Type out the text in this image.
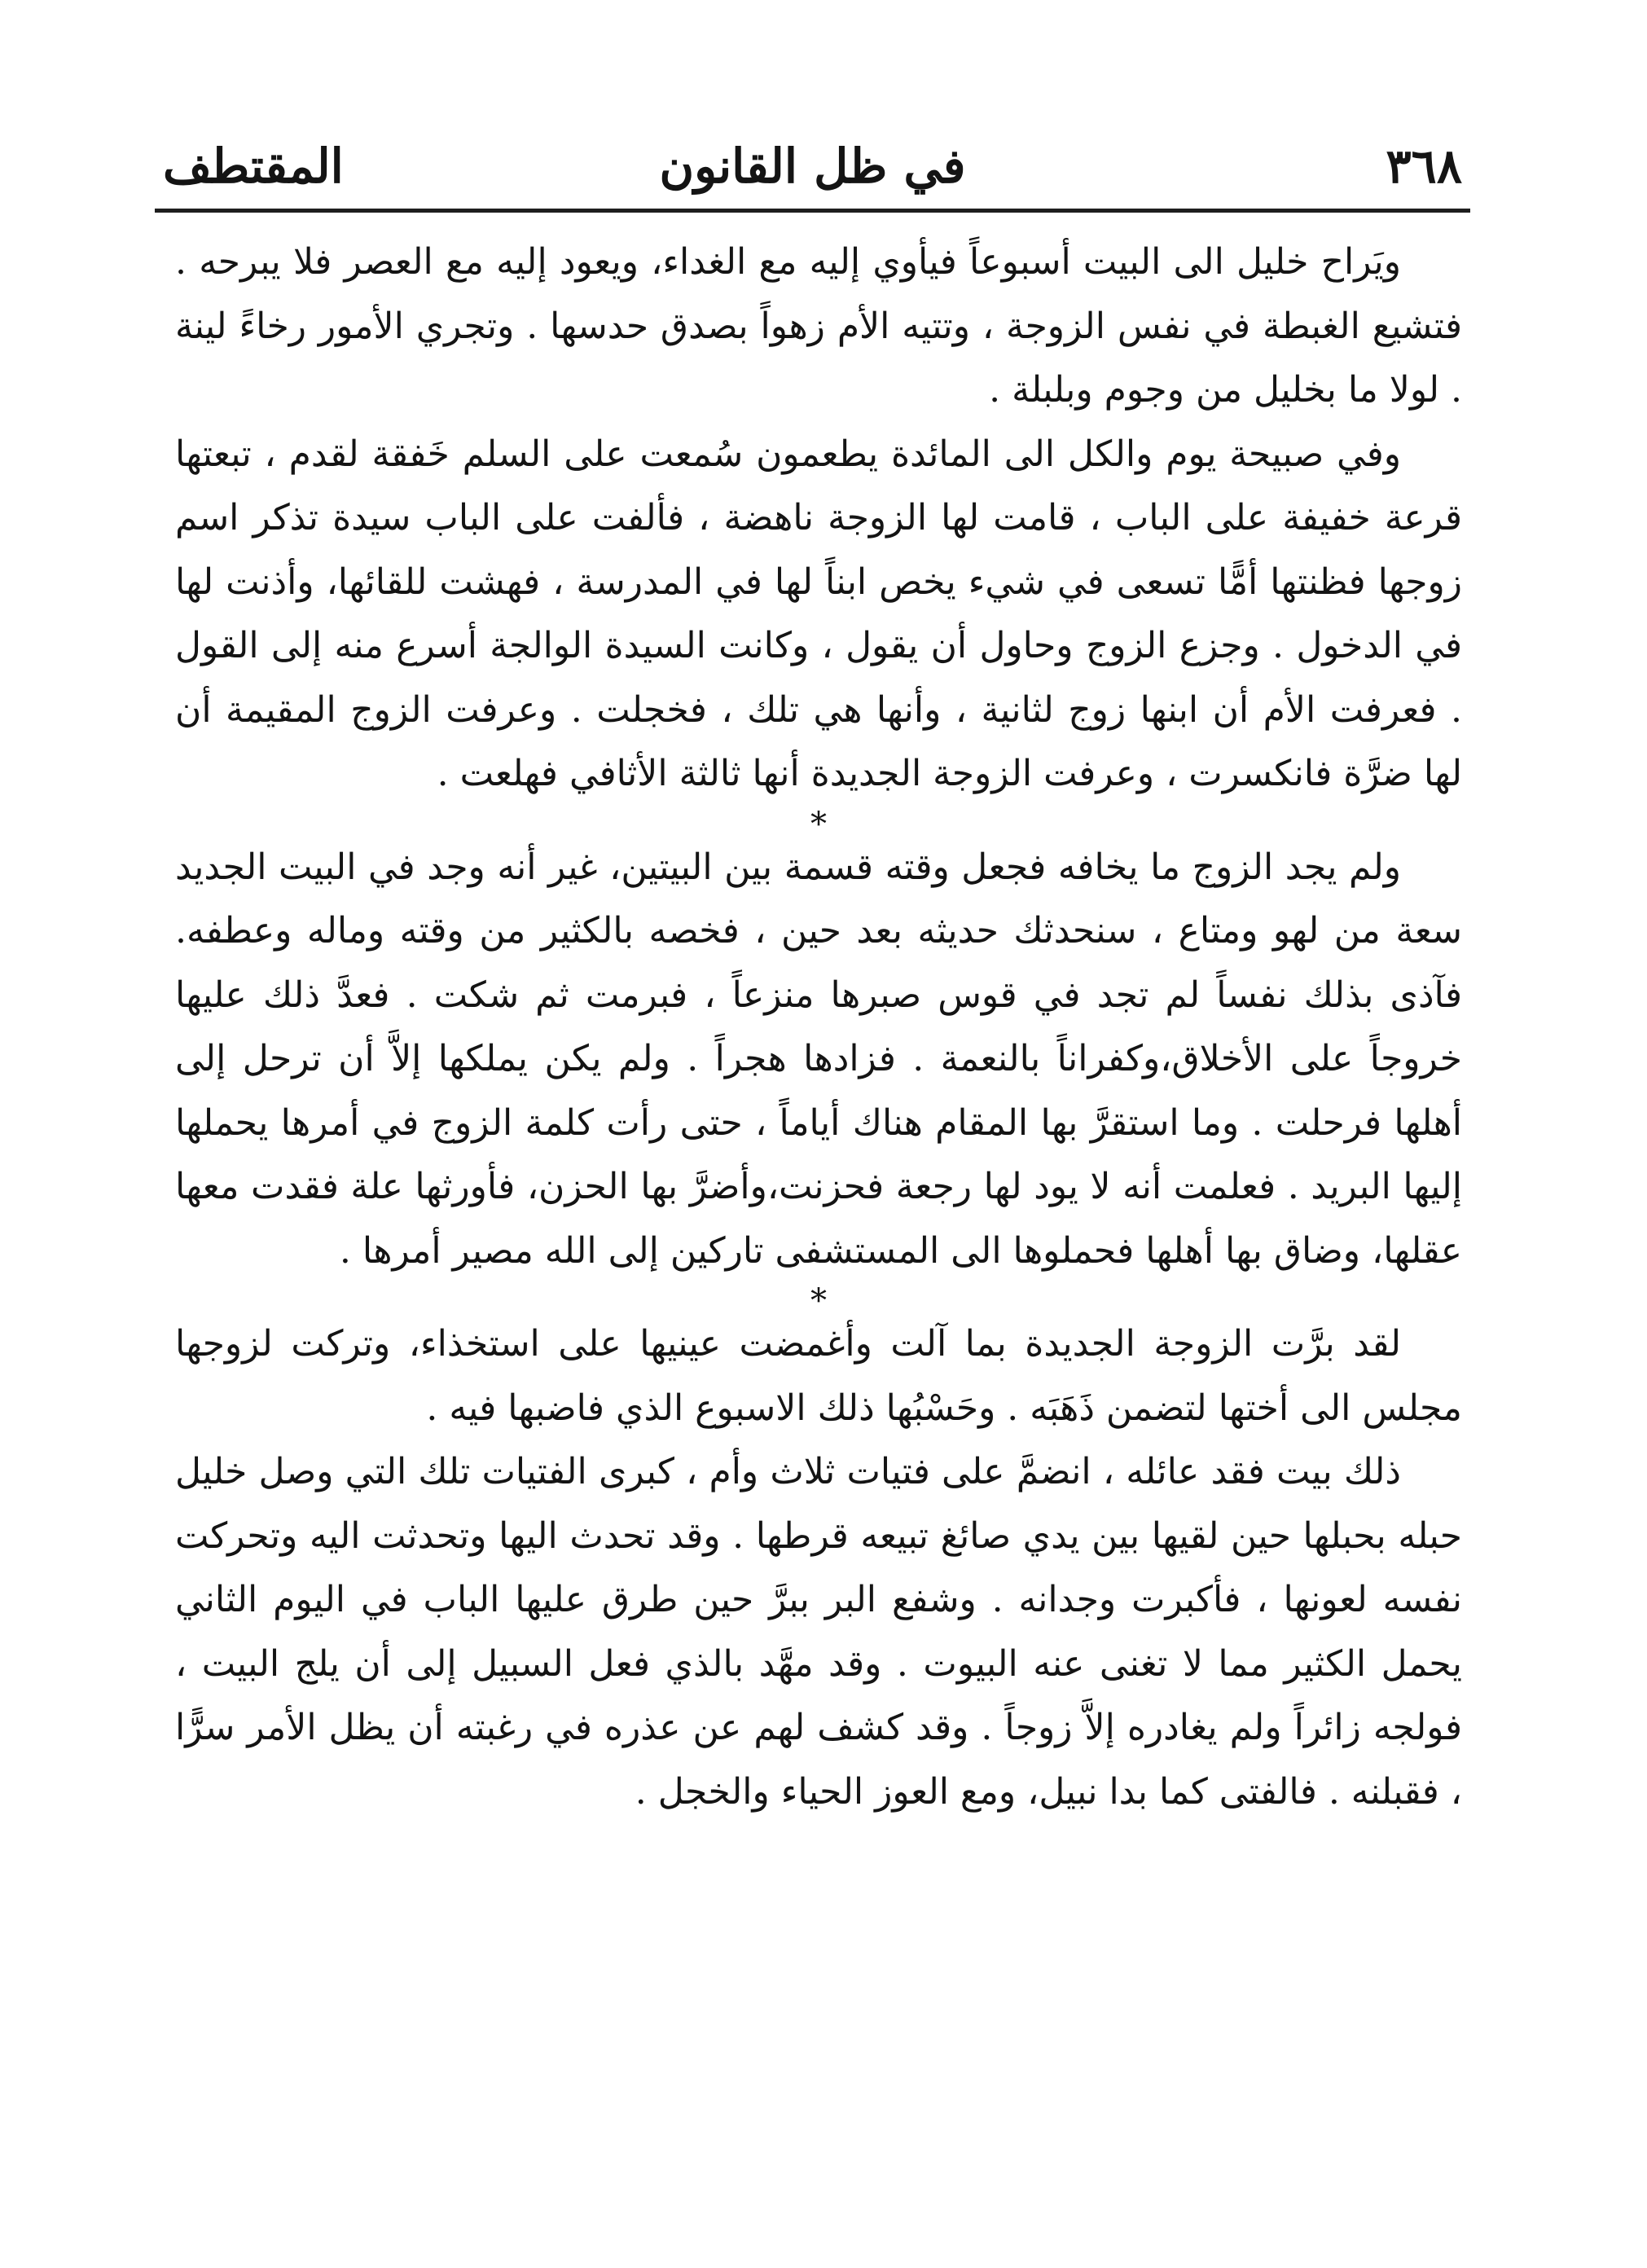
٣٦٨
في ظل القانون
المقتطف

ويَراح خليل الى البيت أسبوعاً فيأوي إليه مع الغداء، ويعود إليه مع العصر فلا يبرحه . فتشيع الغبطة في نفس الزوجة ، وتتيه الأم زهواً بصدق حدسها . وتجري الأمور رخاءً لينة . لولا ما بخليل من وجوم وبلبلة .

وفي صبيحة يوم والكل الى المائدة يطعمون سُمعت على السلم خَفقة لقدم ، تبعتها قرعة خفيفة على الباب ، قامت لها الزوجة ناهضة ، فألفت على الباب سيدة تذكر اسم زوجها فظنتها أمًّا تسعى في شيء يخص ابناً لها في المدرسة ، فهشت للقائها، وأذنت لها في الدخول . وجزع الزوج وحاول أن يقول ، وكانت السيدة الوالجة أسرع منه إلى القول . فعرفت الأم أن ابنها زوج لثانية ، وأنها هي تلك ، فخجلت . وعرفت الزوج المقيمة أن لها ضرَّة فانكسرت ، وعرفت الزوجة الجديدة أنها ثالثة الأثافي فهلعت .

*

ولم يجد الزوج ما يخافه فجعل وقته قسمة بين البيتين، غير أنه وجد في البيت الجديد سعة من لهو ومتاع ، سنحدثك حديثه بعد حين ، فخصه بالكثير من وقته وماله وعطفه. فآذى بذلك نفساً لم تجد في قوس صبرها منزعاً ، فبرمت ثم شكت . فعدَّ ذلك عليها خروجاً على الأخلاق،وكفراناً بالنعمة . فزادها هجراً . ولم يكن يملكها إلاَّ أن ترحل إلى أهلها فرحلت . وما استقرَّ بها المقام هناك أياماً ، حتى رأت كلمة الزوج في أمرها يحملها إليها البريد . فعلمت أنه لا يود لها رجعة فحزنت،وأضرَّ بها الحزن، فأورثها علة فقدت معها عقلها، وضاق بها أهلها فحملوها الى المستشفى تاركين إلى الله مصير أمرها .

*

لقد برَّت الزوجة الجديدة بما آلت وأغمضت عينيها على استخذاء، وتركت لزوجها مجلس الى أختها لتضمن ذَهَبَه . وحَسْبُها ذلك الاسبوع الذي فاضبها فيه .

ذلك بيت فقد عائله ، انضمَّ على فتيات ثلاث وأم ، كبرى الفتيات تلك التي وصل خليل حبله بحبلها حين لقيها بين يدي صائغ تبيعه قرطها . وقد تحدث اليها وتحدثت اليه وتحركت نفسه لعونها ، فأكبرت وجدانه . وشفع البر ببرَّ حين طرق عليها الباب في اليوم الثاني يحمل الكثير مما لا تغنى عنه البيوت . وقد مهَّد بالذي فعل السبيل إلى أن يلج البيت ، فولجه زائراً ولم يغادره إلاَّ زوجاً . وقد كشف لهم عن عذره في رغبته أن يظل الأمر سرًّا ، فقبلنه . فالفتى كما بدا نبيل، ومع العوز الحياء والخجل .
